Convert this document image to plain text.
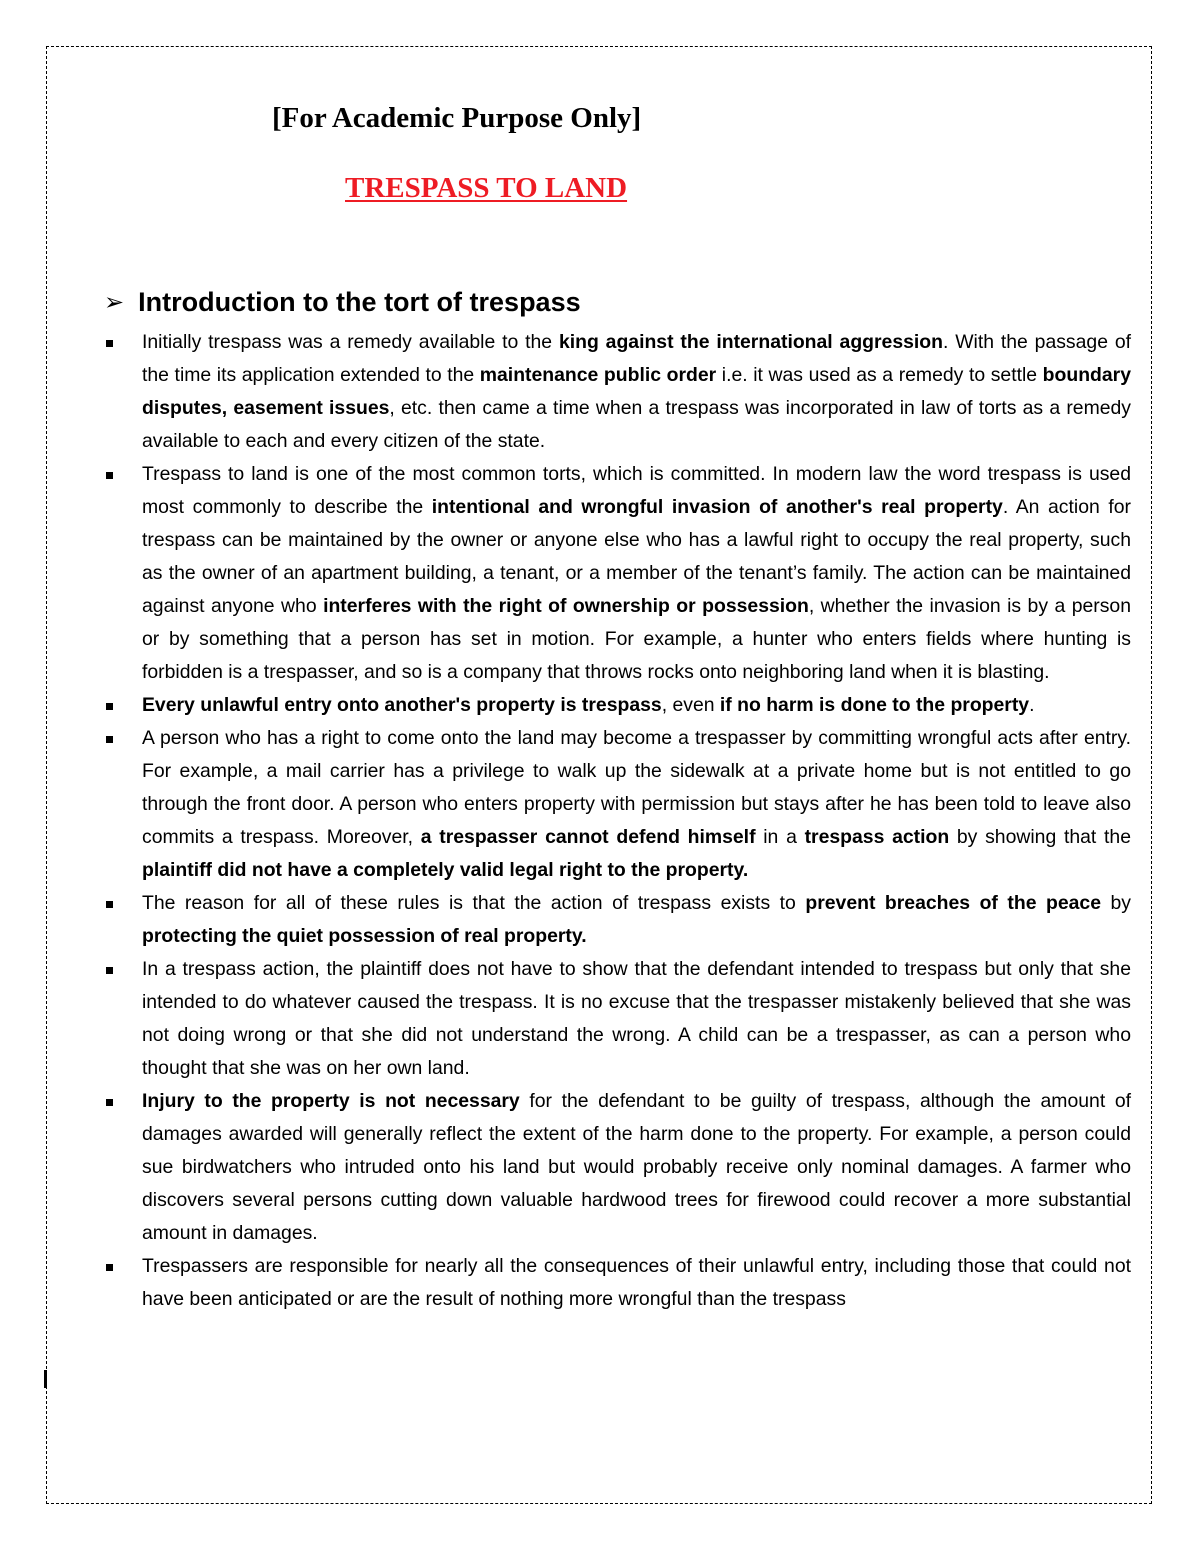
[For Academic Purpose Only]
TRESPASS TO LAND
➢ Introduction to the tort of trespass
Initially trespass was a remedy available to the king against the international aggression. With the passage of the time its application extended to the maintenance public order i.e. it was used as a remedy to settle boundary disputes, easement issues, etc. then came a time when a trespass was incorporated in law of torts as a remedy available to each and every citizen of the state.
Trespass to land is one of the most common torts, which is committed. In modern law the word trespass is used most commonly to describe the intentional and wrongful invasion of another's real property. An action for trespass can be maintained by the owner or anyone else who has a lawful right to occupy the real property, such as the owner of an apartment building, a tenant, or a member of the tenant’s family. The action can be maintained against anyone who interferes with the right of ownership or possession, whether the invasion is by a person or by something that a person has set in motion. For example, a hunter who enters fields where hunting is forbidden is a trespasser, and so is a company that throws rocks onto neighboring land when it is blasting.
Every unlawful entry onto another's property is trespass, even if no harm is done to the property.
A person who has a right to come onto the land may become a trespasser by committing wrongful acts after entry. For example, a mail carrier has a privilege to walk up the sidewalk at a private home but is not entitled to go through the front door. A person who enters property with permission but stays after he has been told to leave also commits a trespass. Moreover, a trespasser cannot defend himself in a trespass action by showing that the plaintiff did not have a completely valid legal right to the property.
The reason for all of these rules is that the action of trespass exists to prevent breaches of the peace by protecting the quiet possession of real property.
In a trespass action, the plaintiff does not have to show that the defendant intended to trespass but only that she intended to do whatever caused the trespass. It is no excuse that the trespasser mistakenly believed that she was not doing wrong or that she did not understand the wrong. A child can be a trespasser, as can a person who thought that she was on her own land.
Injury to the property is not necessary for the defendant to be guilty of trespass, although the amount of damages awarded will generally reflect the extent of the harm done to the property. For example, a person could sue birdwatchers who intruded onto his land but would probably receive only nominal damages. A farmer who discovers several persons cutting down valuable hardwood trees for firewood could recover a more substantial amount in damages.
Trespassers are responsible for nearly all the consequences of their unlawful entry, including those that could not have been anticipated or are the result of nothing more wrongful than the trespass
